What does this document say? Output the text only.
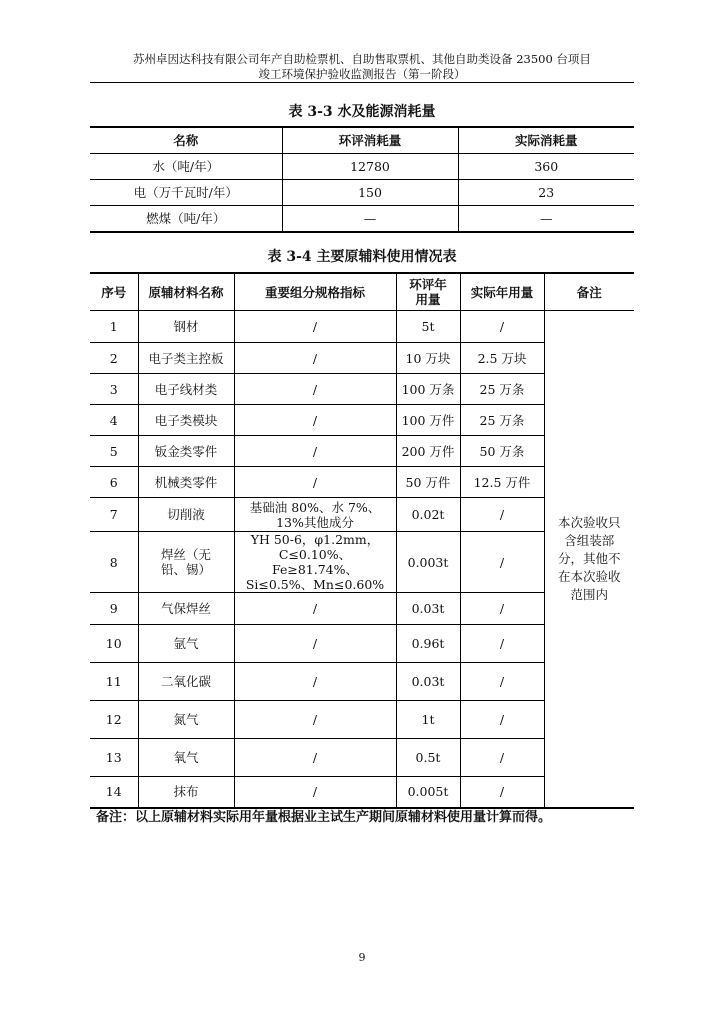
苏州卓因达科技有限公司年产自助检票机、自助售取票机、其他自助类设备 23500 台项目
竣工环境保护验收监测报告（第一阶段）
表 3-3 水及能源消耗量
名称	环评消耗量	实际消耗量
水（吨/年）	12780	360
电（万千瓦时/年）	150	23
燃煤（吨/年）	—	—
表 3-4 主要原辅料使用情况表
序号	原辅材料名称	重要组分规格指标	环评年用量	实际年用量	备注
1	钢材	/	5t	/	本次验收只含组装部分，其他不在本次验收范围内

2	电子类主控板	/	10 万块	2.5 万块	
3	电子线材类	/	100 万条	25 万条	
4	电子类模块	/	100 万件	25 万条	
5	钣金类零件	/	200 万件	50 万条	
6	机械类零件	/	50 万件	12.5 万件	
7	切削液	基础油 80%、水 7%、13%其他成分	0.02t	/	
8	焊丝（无铅、锡）	YH 50-6，φ1.2mm，C≤0.10%、Fe≥81.74%、Si≤0.5%、Mn≤0.60%	0.003t	/	
9	气保焊丝	/	0.03t	/	
10	氩气	/	0.96t	/	
11	二氧化碳	/	0.03t	/	
12	氮气	/	1t	/	
13	氧气	/	0.5t	/	
14	抹布	/	0.005t	/	
备注：以上原辅材料实际用年量根据业主试生产期间原辅材料使用量计算而得。
9
